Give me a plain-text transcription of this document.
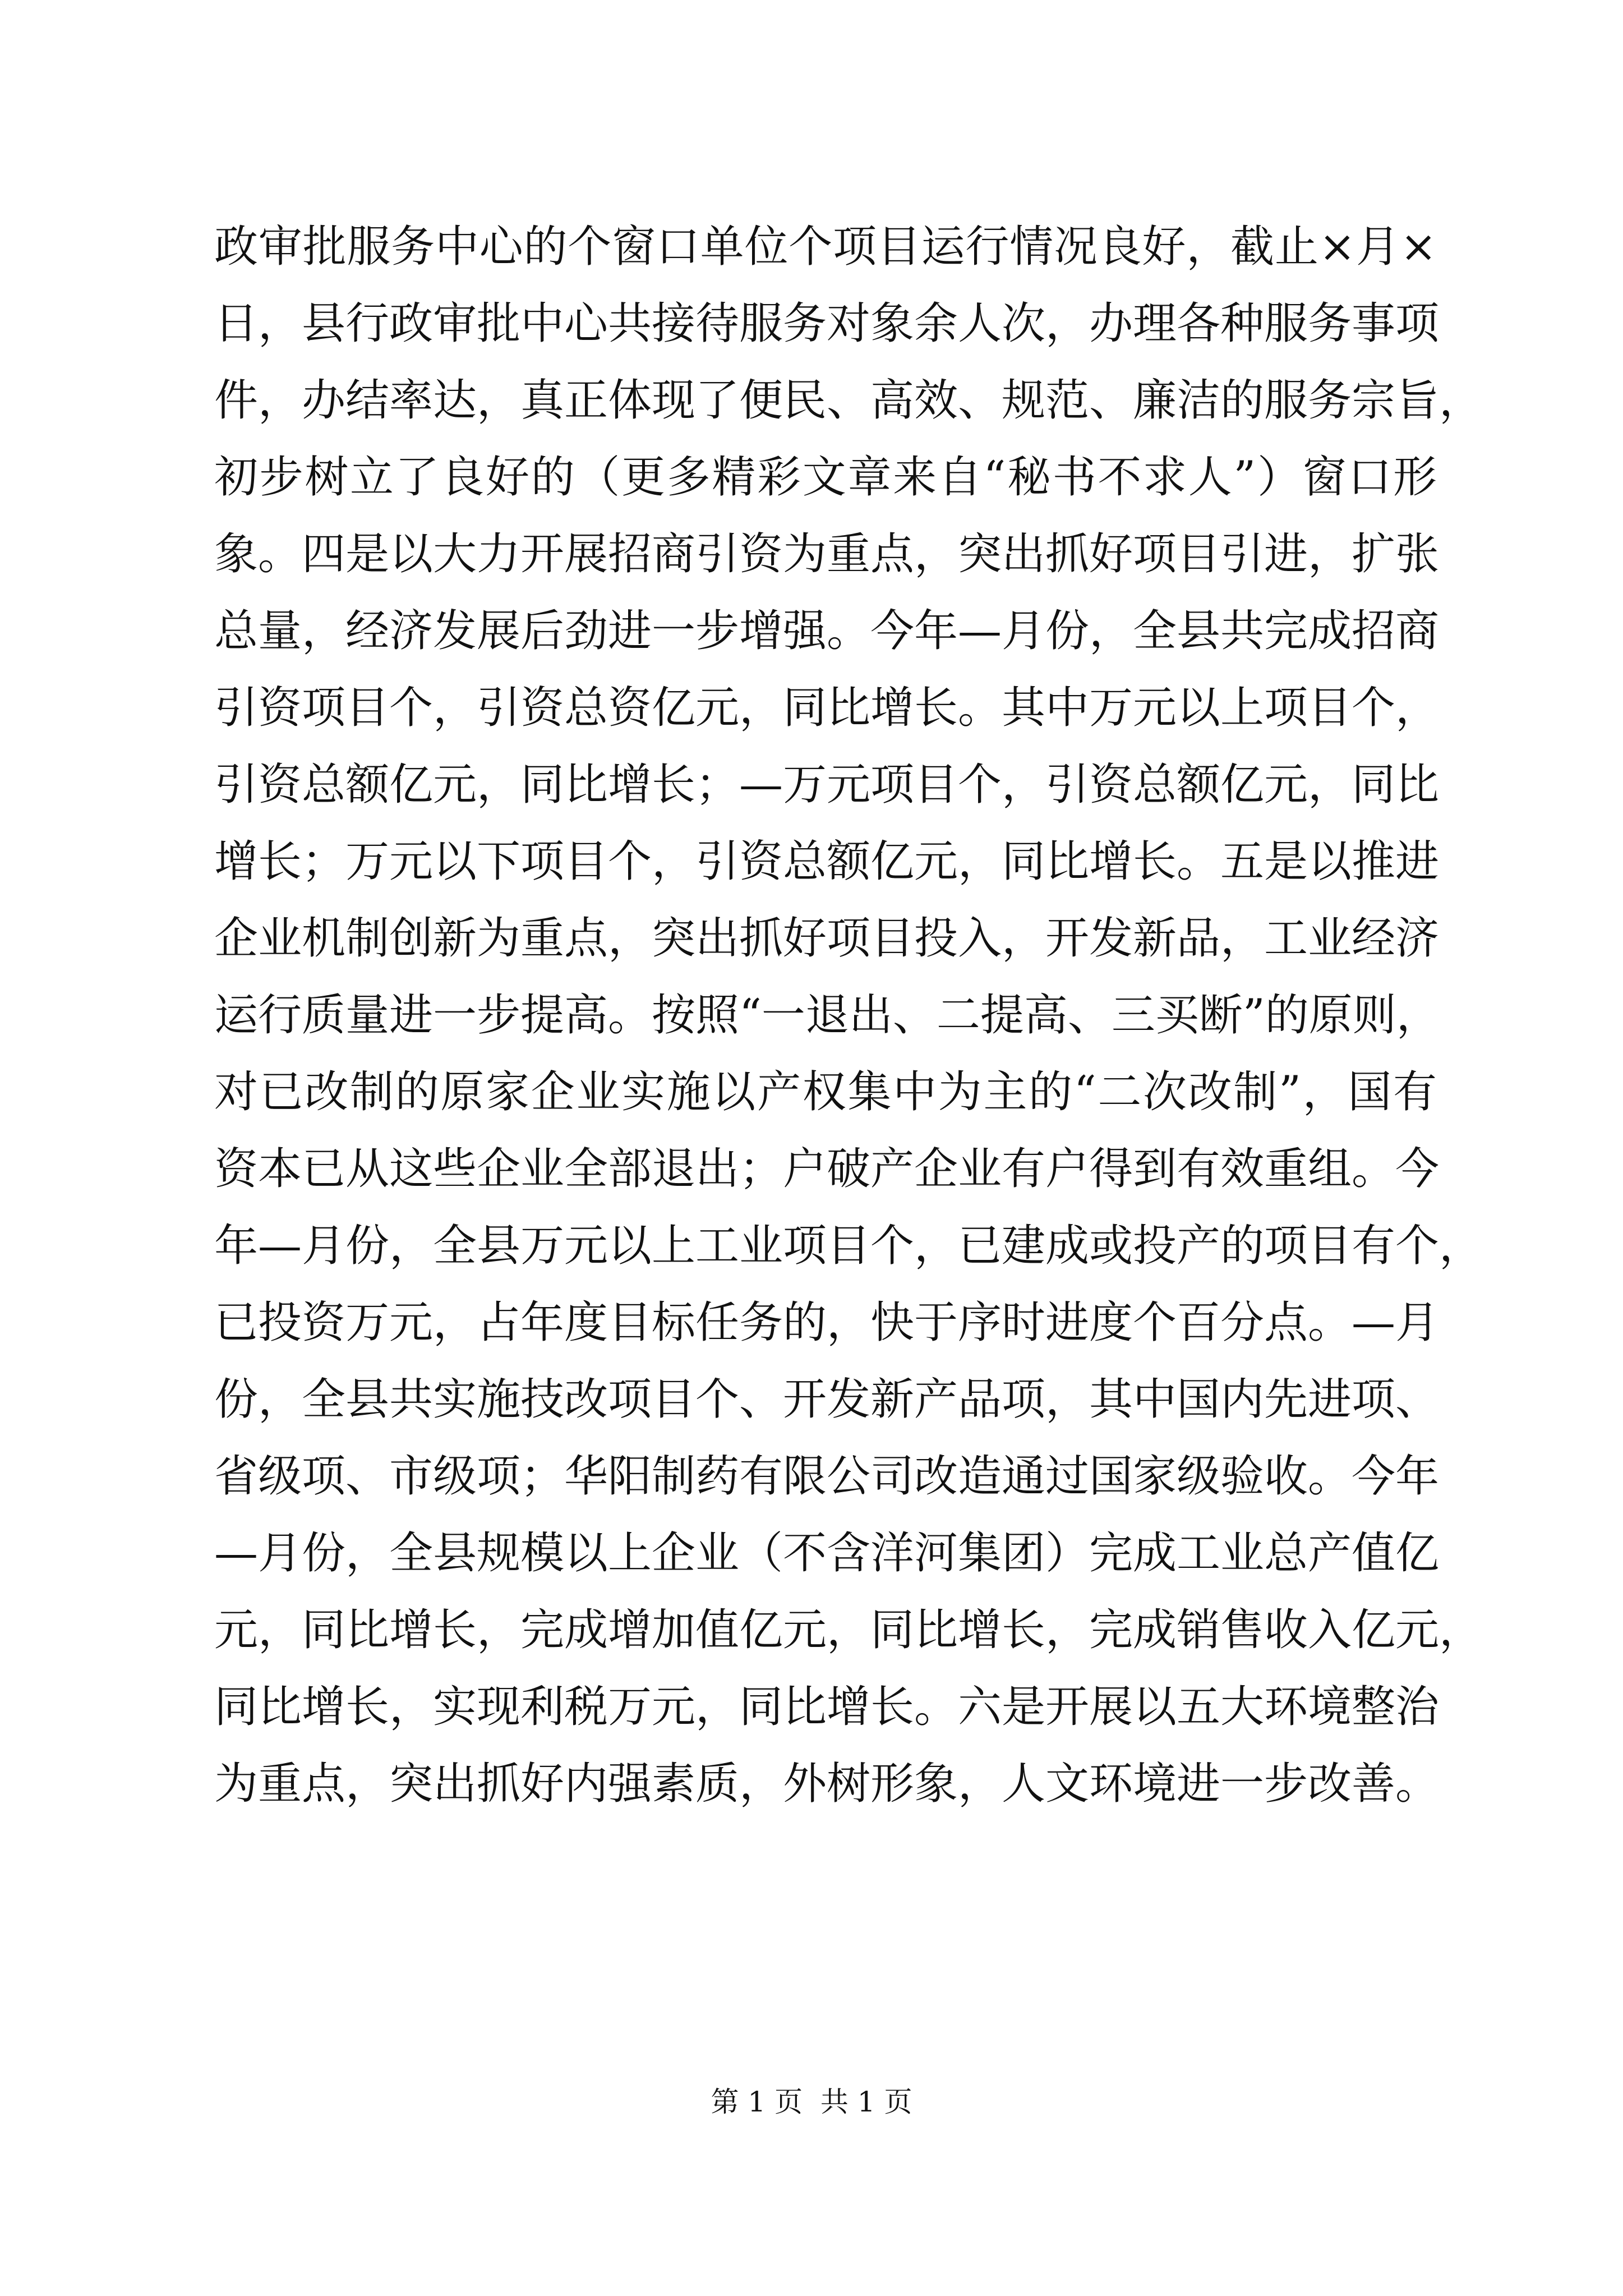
政审批服务中心的个窗口单位个项目运行情况良好，截止×月×
日，县行政审批中心共接待服务对象余人次，办理各种服务事项
件，办结率达，真正体现了便民、高效、规范、廉洁的服务宗旨，
初步树立了良好的（更多精彩文章来自“秘书不求人”）窗口形
象。四是以大力开展招商引资为重点，突出抓好项目引进，扩张
总量，经济发展后劲进一步增强。今年—月份，全县共完成招商
引资项目个，引资总资亿元，同比增长。其中万元以上项目个，
引资总额亿元，同比增长；—万元项目个，引资总额亿元，同比
增长；万元以下项目个，引资总额亿元，同比增长。五是以推进
企业机制创新为重点，突出抓好项目投入，开发新品，工业经济
运行质量进一步提高。按照“一退出、二提高、三买断”的原则，
对已改制的原家企业实施以产权集中为主的“二次改制”，国有
资本已从这些企业全部退出；户破产企业有户得到有效重组。今
年—月份，全县万元以上工业项目个，已建成或投产的项目有个，
已投资万元，占年度目标任务的，快于序时进度个百分点。—月
份，全县共实施技改项目个、开发新产品项，其中国内先进项、
省级项、市级项；华阳制药有限公司改造通过国家级验收。今年
—月份，全县规模以上企业（不含洋河集团）完成工业总产值亿
元，同比增长，完成增加值亿元，同比增长，完成销售收入亿元，
同比增长，实现利税万元，同比增长。六是开展以五大环境整治
为重点，突出抓好内强素质，外树形象，人文环境进一步改善。
第 1 页  共 1 页
